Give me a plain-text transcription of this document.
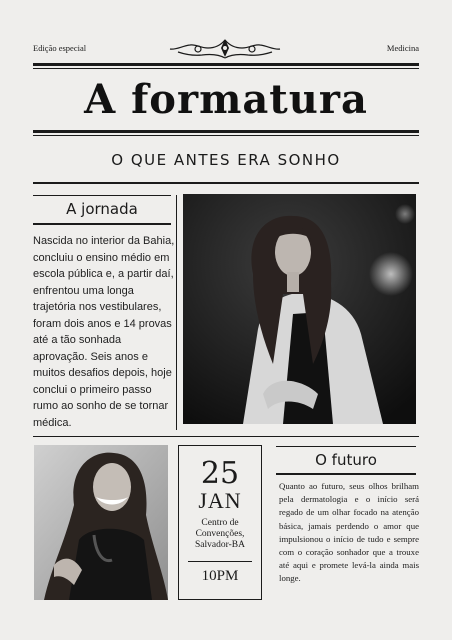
Edição especial	Medicina
A formatura
O QUE ANTES ERA SONHO
A jornada
Nascida no interior da Bahia, concluiu o ensino médio em escola pública e, a partir daí, enfrentou uma longa trajetória nos vestibulares, foram dois anos e 14 provas até a tão sonhada aprovação. Seis anos e muitos desafios depois, hoje conclui o primeiro passo rumo ao sonho de se tornar médica.
25
JAN
Centro de
Convenções,
Salvador-BA
10PM
O futuro
Quanto ao futuro, seus olhos brilham pela dermatologia e o início será regado de um olhar focado na atenção básica, jamais perdendo o amor que impulsionou o início de tudo e sempre com o coração sonhador que a trouxe até aqui e promete levá-la ainda mais longe.
